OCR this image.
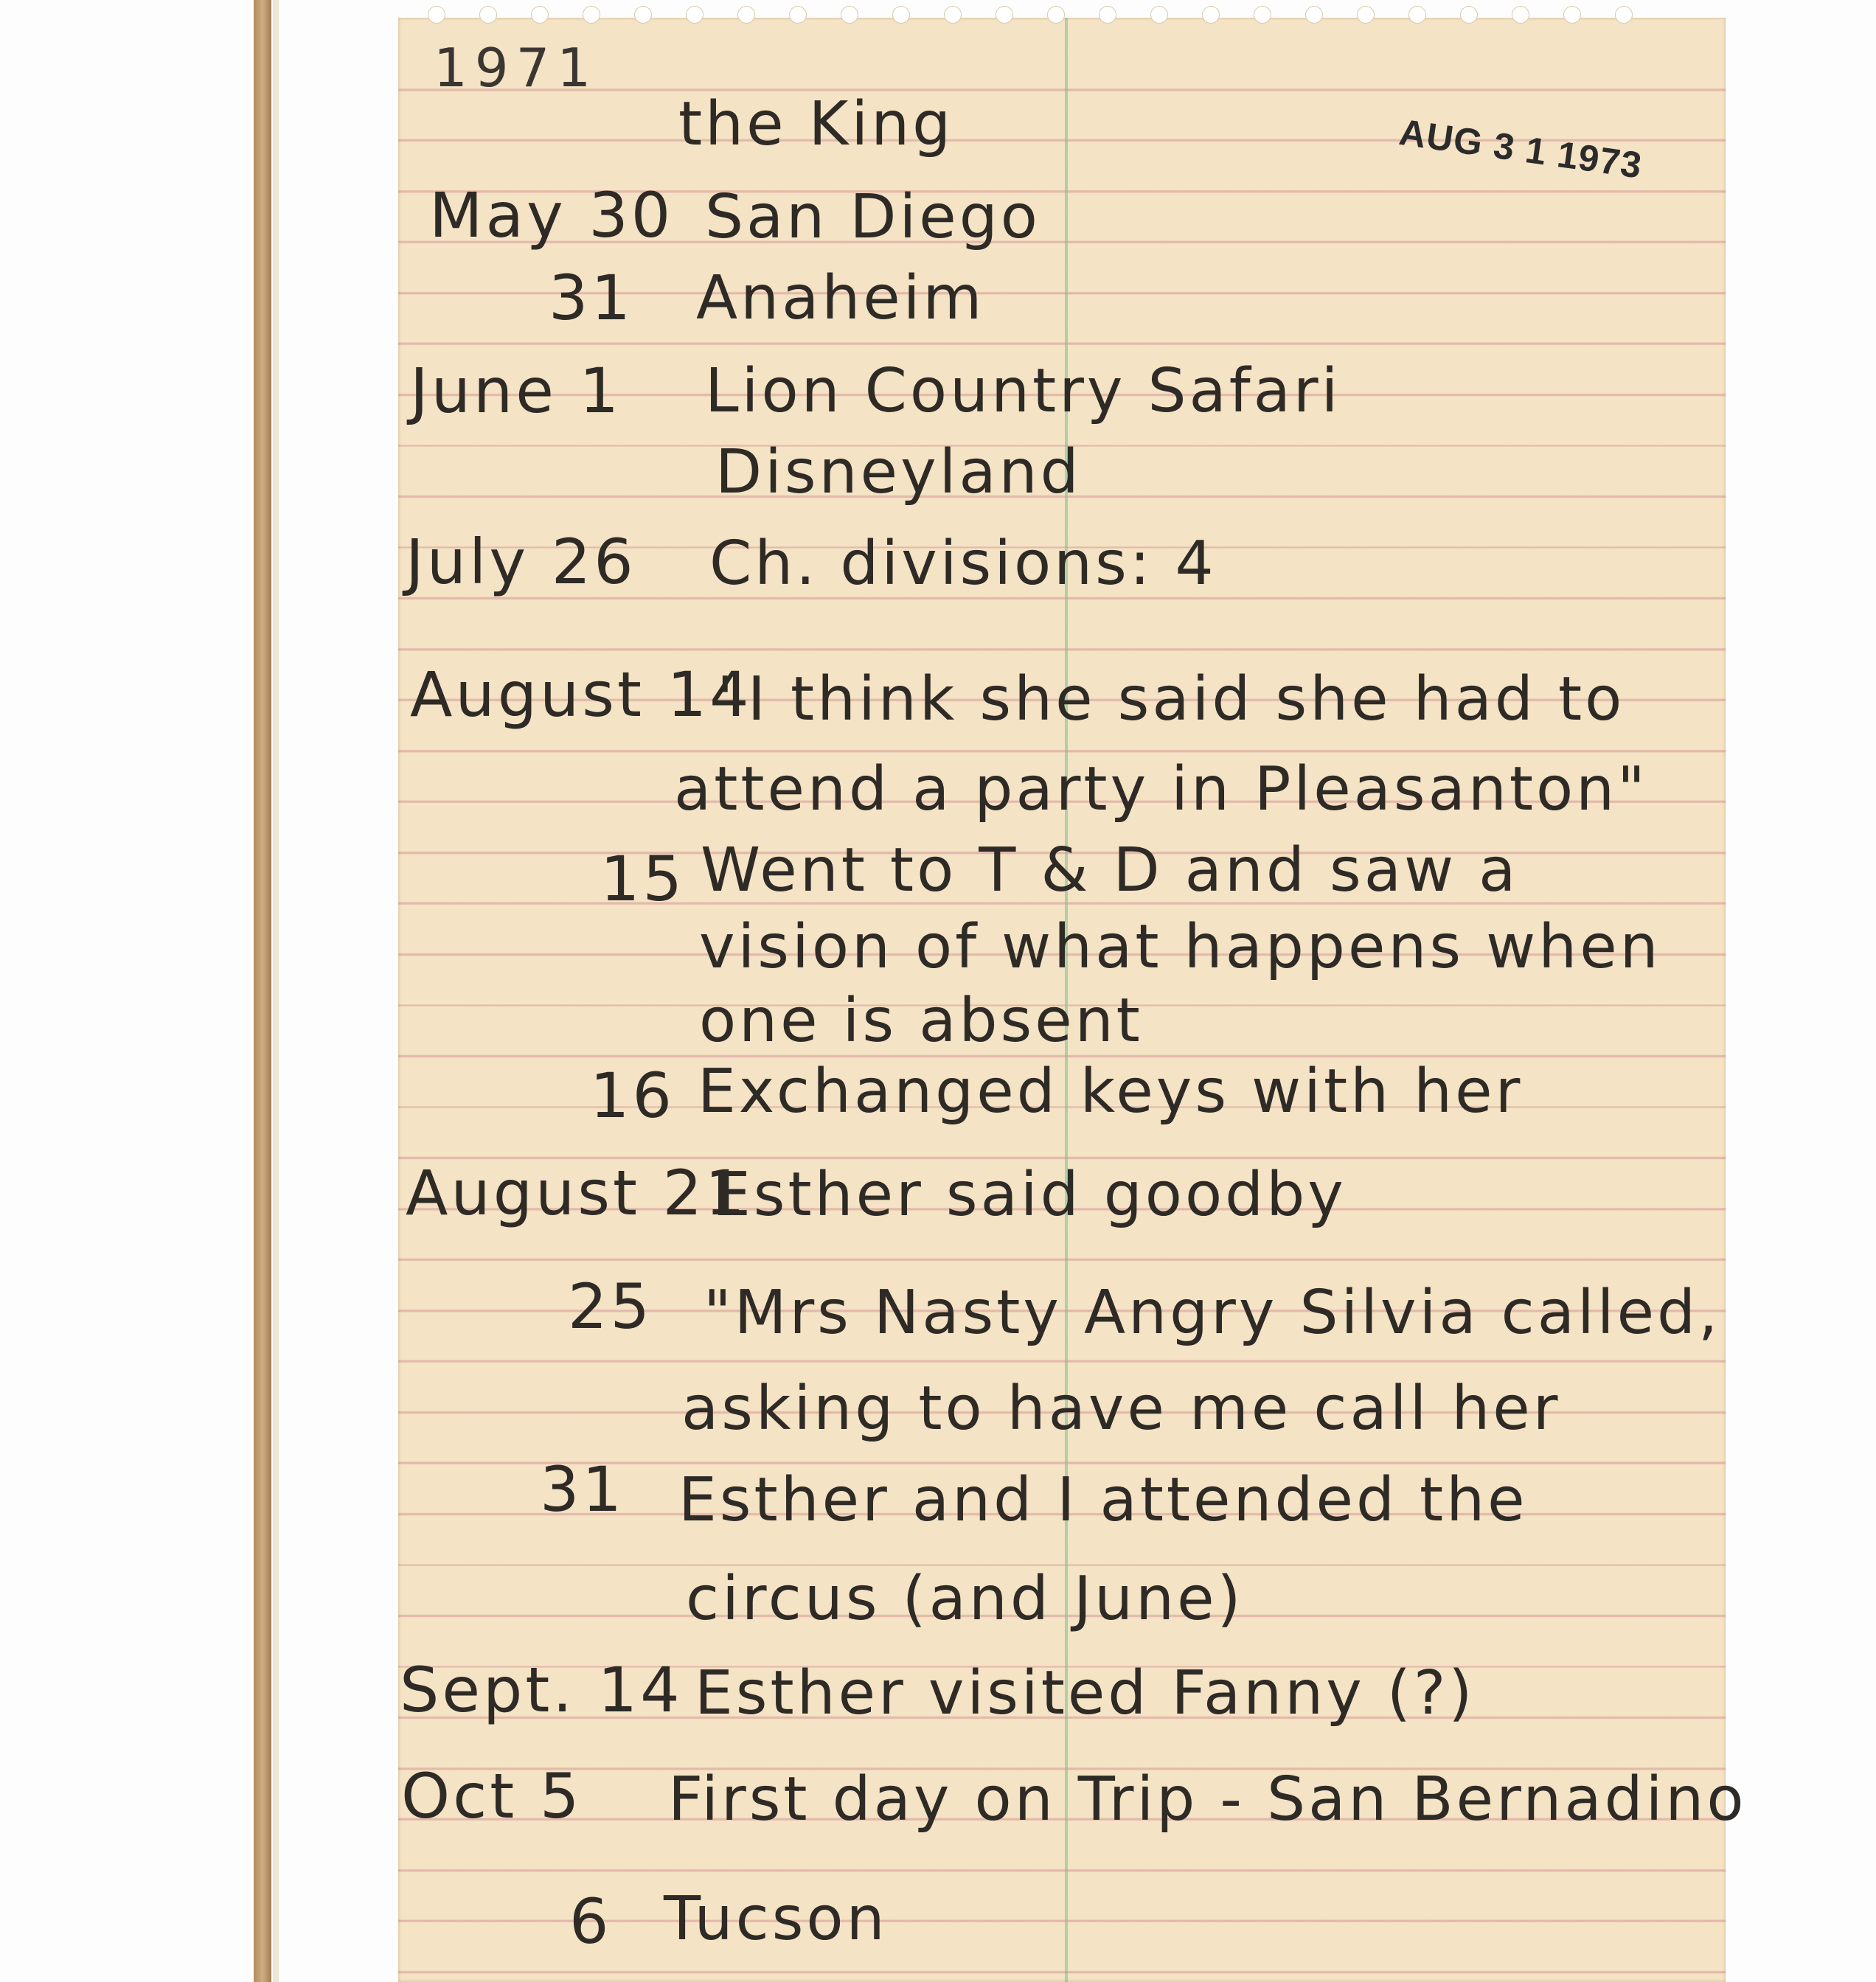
AUG 3 1 1973
1971
the King
May 30 San Diego
31 Anaheim
June 1 Lion Country Safari
Disneyland
July 26 Ch. divisions: 4
August 14
"I think she said she had to
attend a party in Pleasanton"
15 Went to T & D and saw a
vision of what happens when
one is absent
16 Exchanged keys with her
August 21
Esther said goodby
25 "Mrs Nasty Angry Silvia called,
asking to have me call her
31 Esther and I attended the
circus (and June)
Sept. 14 Esther visited Fanny (?)
Oct 5 First day on Trip - San Bernadino
6 Tucson
